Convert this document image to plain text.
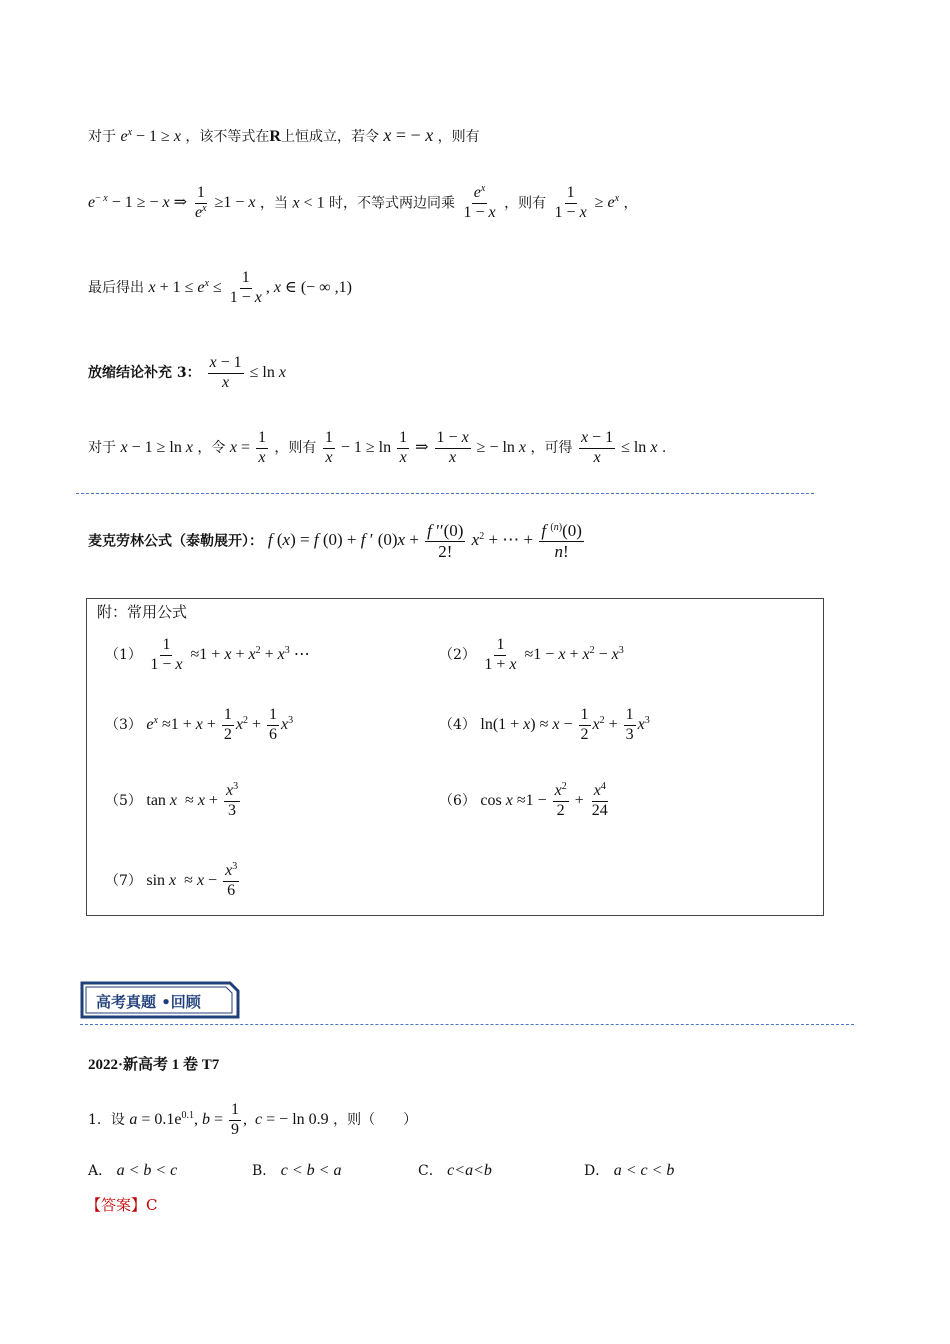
对于 $e^x - 1 \ge x$ ，该不等式在R上恒成立，若令 x = − x ，则有
$e^{- x} - 1$ ≥ − x ⇒ $\frac{1}{e^x} \ge 1 - x$ ，当 x < 1 时，不等式两边同乘 $\frac{e^x}{1 - x}$ ，则有 $\frac{1}{1 - x} \ge e^x$ ，
最后得出 $x + 1 \le e^x \le \frac{1}{1 - x}$ , x ∈ (− ∞ ,1)
放缩结论补充 3： $\frac{x - 1}{x} \le \ln x$
对于 x − 1 ≥ ln x ，令 $x = \frac{1}{x}$ ，则有 $\frac{1}{x} - 1 \ge \ln \frac{1}{x}$ ⇒ $\frac{1 - x}{x}$ ≥ − ln x ，可得 $\frac{x - 1}{x} \le \ln x$ .
麦克劳林公式（泰勒展开）： f (x) = f (0) + f ′ $(0)x + \frac{f ''(0)}{2!} x^2$ + ⋯ + $\frac{f ^{(n)}(0)}{n!}$
附：常用公式
$(1) \frac{1}{1 - x} \approx 1 + x + x^2 + x^3$ ⋯	$(2) \frac{1}{1 + x} \approx 1 - x + x^2 - x^3$
（3） $e^x \approx 1 + x + \frac{1}{2} x^2 + \frac{1}{6} x^3$	（4） $\ln(1 + x) \approx x - \frac{1}{2} x^2 + \frac{1}{3} x^3$
（5） $\tan x \approx x + \frac{x^3}{3}$	（6） $\cos x \approx 1 - \frac{x^2}{2} + \frac{x^4}{24}$
（7） $\sin x \approx x - \frac{x^3}{6}$
高考真题 •回顾
2022·新高考 1 卷 T7
1．设 $a = 0.1e^{0.1}$, $b = \frac{1}{9}$ ,  c = − ln 0.9 ，则（　　）
A． a < b < c	B． c < b < a	C． c<a<b	D． a < c < b
【答案】C
